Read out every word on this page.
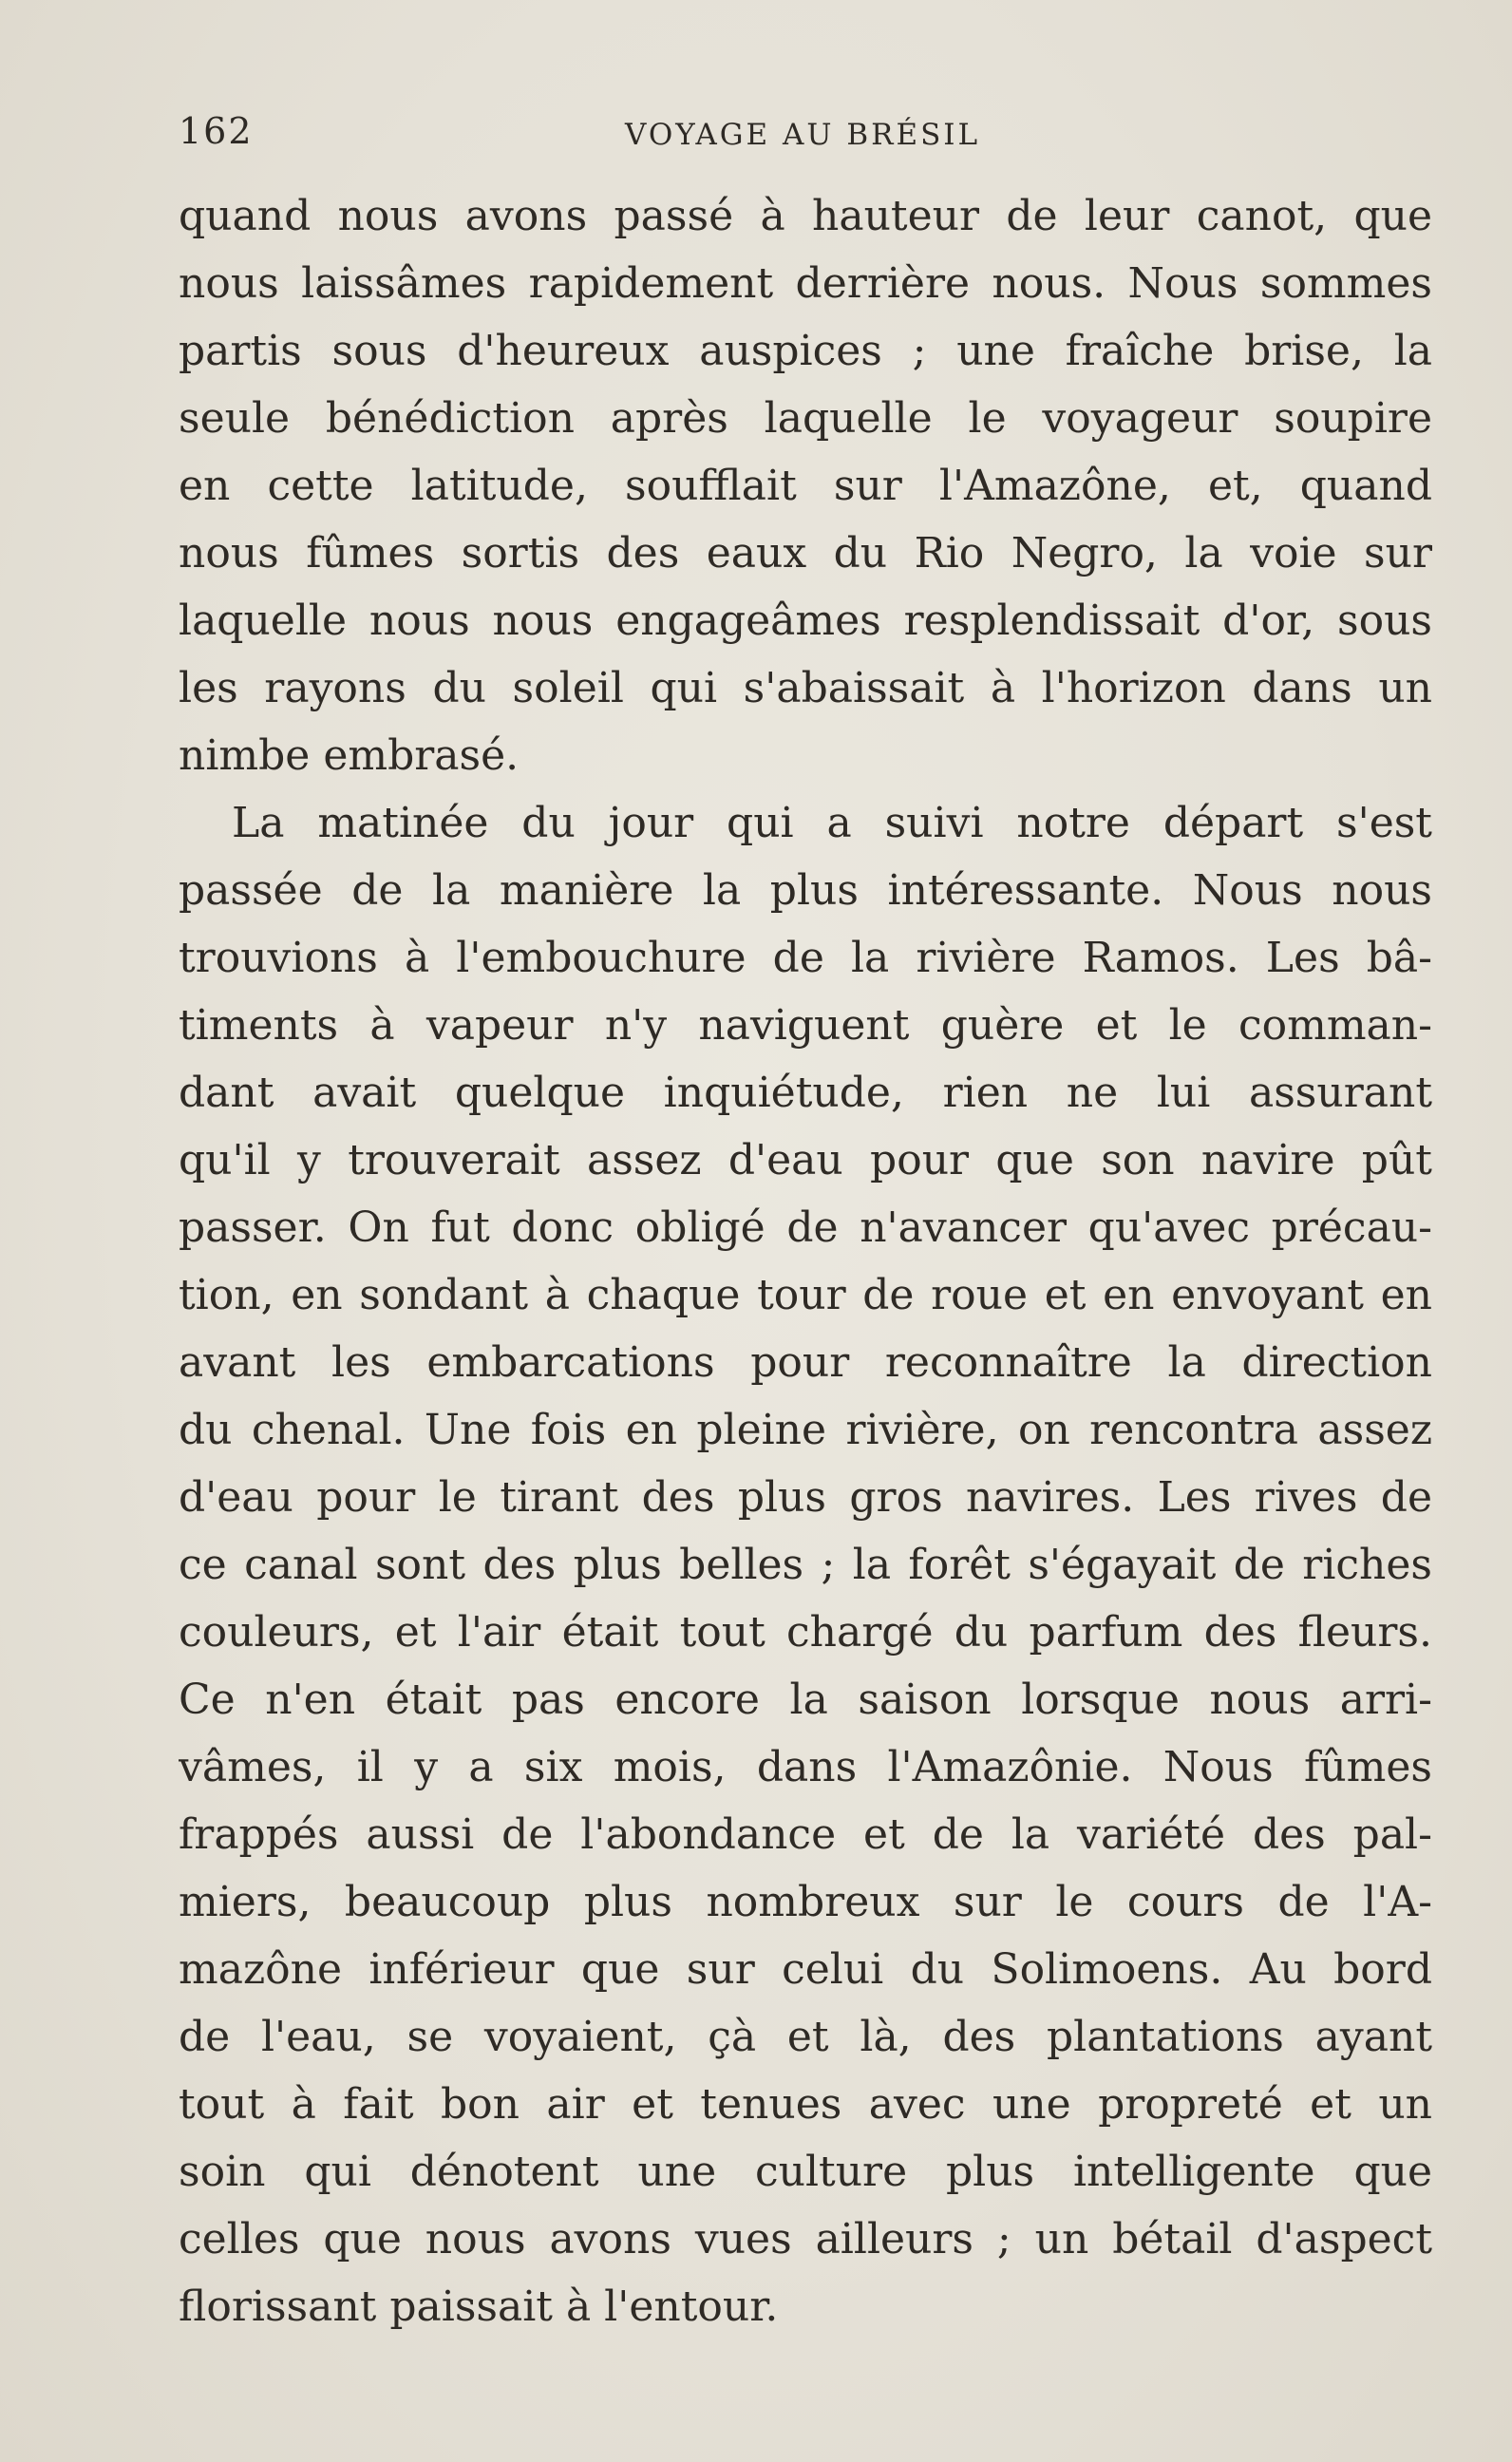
162	VOYAGE AU BRÉSIL
quand nous avons passé à hauteur de leur canot, que
nous laissâmes rapidement derrière nous. Nous sommes
partis sous d'heureux auspices ; une fraîche brise, la
seule bénédiction après laquelle le voyageur soupire
en cette latitude, soufflait sur l'Amazône, et, quand
nous fûmes sortis des eaux du Rio Negro, la voie sur
laquelle nous nous engageâmes resplendissait d'or, sous
les rayons du soleil qui s'abaissait à l'horizon dans un
nimbe embrasé.
La matinée du jour qui a suivi notre départ s'est
passée de la manière la plus intéressante. Nous nous
trouvions à l'embouchure de la rivière Ramos. Les bâ-
timents à vapeur n'y naviguent guère et le comman-
dant avait quelque inquiétude, rien ne lui assurant
qu'il y trouverait assez d'eau pour que son navire pût
passer. On fut donc obligé de n'avancer qu'avec précau-
tion, en sondant à chaque tour de roue et en envoyant en
avant les embarcations pour reconnaître la direction
du chenal. Une fois en pleine rivière, on rencontra assez
d'eau pour le tirant des plus gros navires. Les rives de
ce canal sont des plus belles ; la forêt s'égayait de riches
couleurs, et l'air était tout chargé du parfum des fleurs.
Ce n'en était pas encore la saison lorsque nous arri-
vâmes, il y a six mois, dans l'Amazônie. Nous fûmes
frappés aussi de l'abondance et de la variété des pal-
miers, beaucoup plus nombreux sur le cours de l'A-
mazône inférieur que sur celui du Solimoens. Au bord
de l'eau, se voyaient, çà et là, des plantations ayant
tout à fait bon air et tenues avec une propreté et un
soin qui dénotent une culture plus intelligente que
celles que nous avons vues ailleurs ; un bétail d'aspect
florissant paissait à l'entour.
